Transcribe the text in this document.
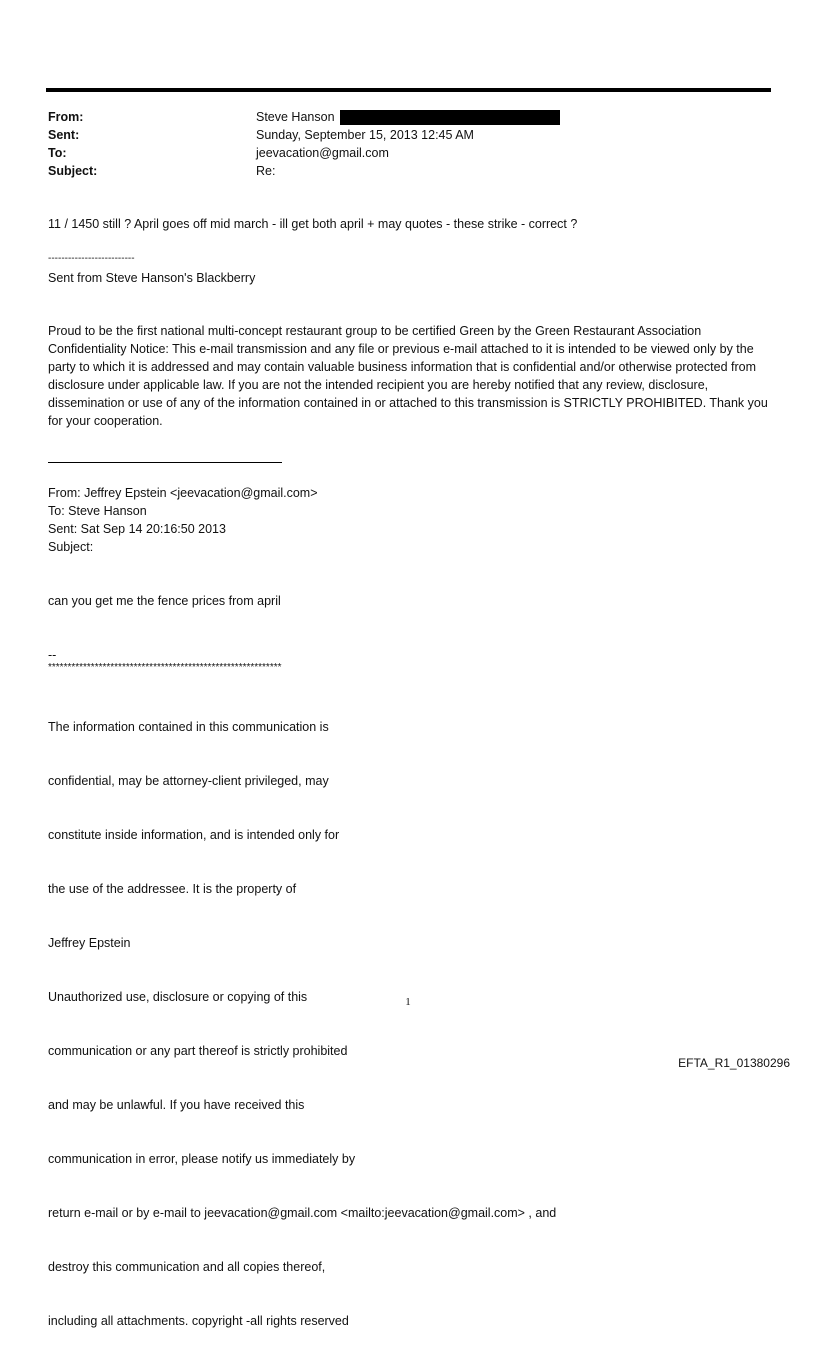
From:	Steve Hanson
Sent:	Sunday, September 15, 2013 12:45 AM
To:	jeevacation@gmail.com
Subject:	Re:
11 / 1450 still ? April goes off mid march - ill get both april + may quotes - these strike - correct ?
--------------------------
Sent from Steve Hanson's Blackberry
Proud to be the first national multi-concept restaurant group to be certified Green by the Green Restaurant Association Confidentiality Notice: This e-mail transmission and any file or previous e-mail attached to it is intended to be viewed only by the party to which it is addressed and may contain valuable business information that is confidential and/or otherwise protected from disclosure under applicable law. If you are not the intended recipient you are hereby notified that any review, disclosure, dissemination or use of any of the information contained in or attached to this transmission is STRICTLY PROHIBITED. Thank you for your cooperation.
From: Jeffrey Epstein <jeevacation@gmail.com>
To: Steve Hanson
Sent: Sat Sep 14 20:16:50 2013
Subject:
can you get me the fence prices from april
--
************************************************************

The information contained in this communication is

confidential, may be attorney-client privileged, may

constitute inside information, and is intended only for

the use of the addressee. It is the property of

Jeffrey Epstein

Unauthorized use, disclosure or copying of this

communication or any part thereof is strictly prohibited

and may be unlawful. If you have received this

communication in error, please notify us immediately by

return e-mail or by e-mail to jeevacation@gmail.com <mailto:jeevacation@gmail.com> , and

destroy this communication and all copies thereof,

including all attachments. copyright -all rights reserved

1
EFTA_R1_01380296
